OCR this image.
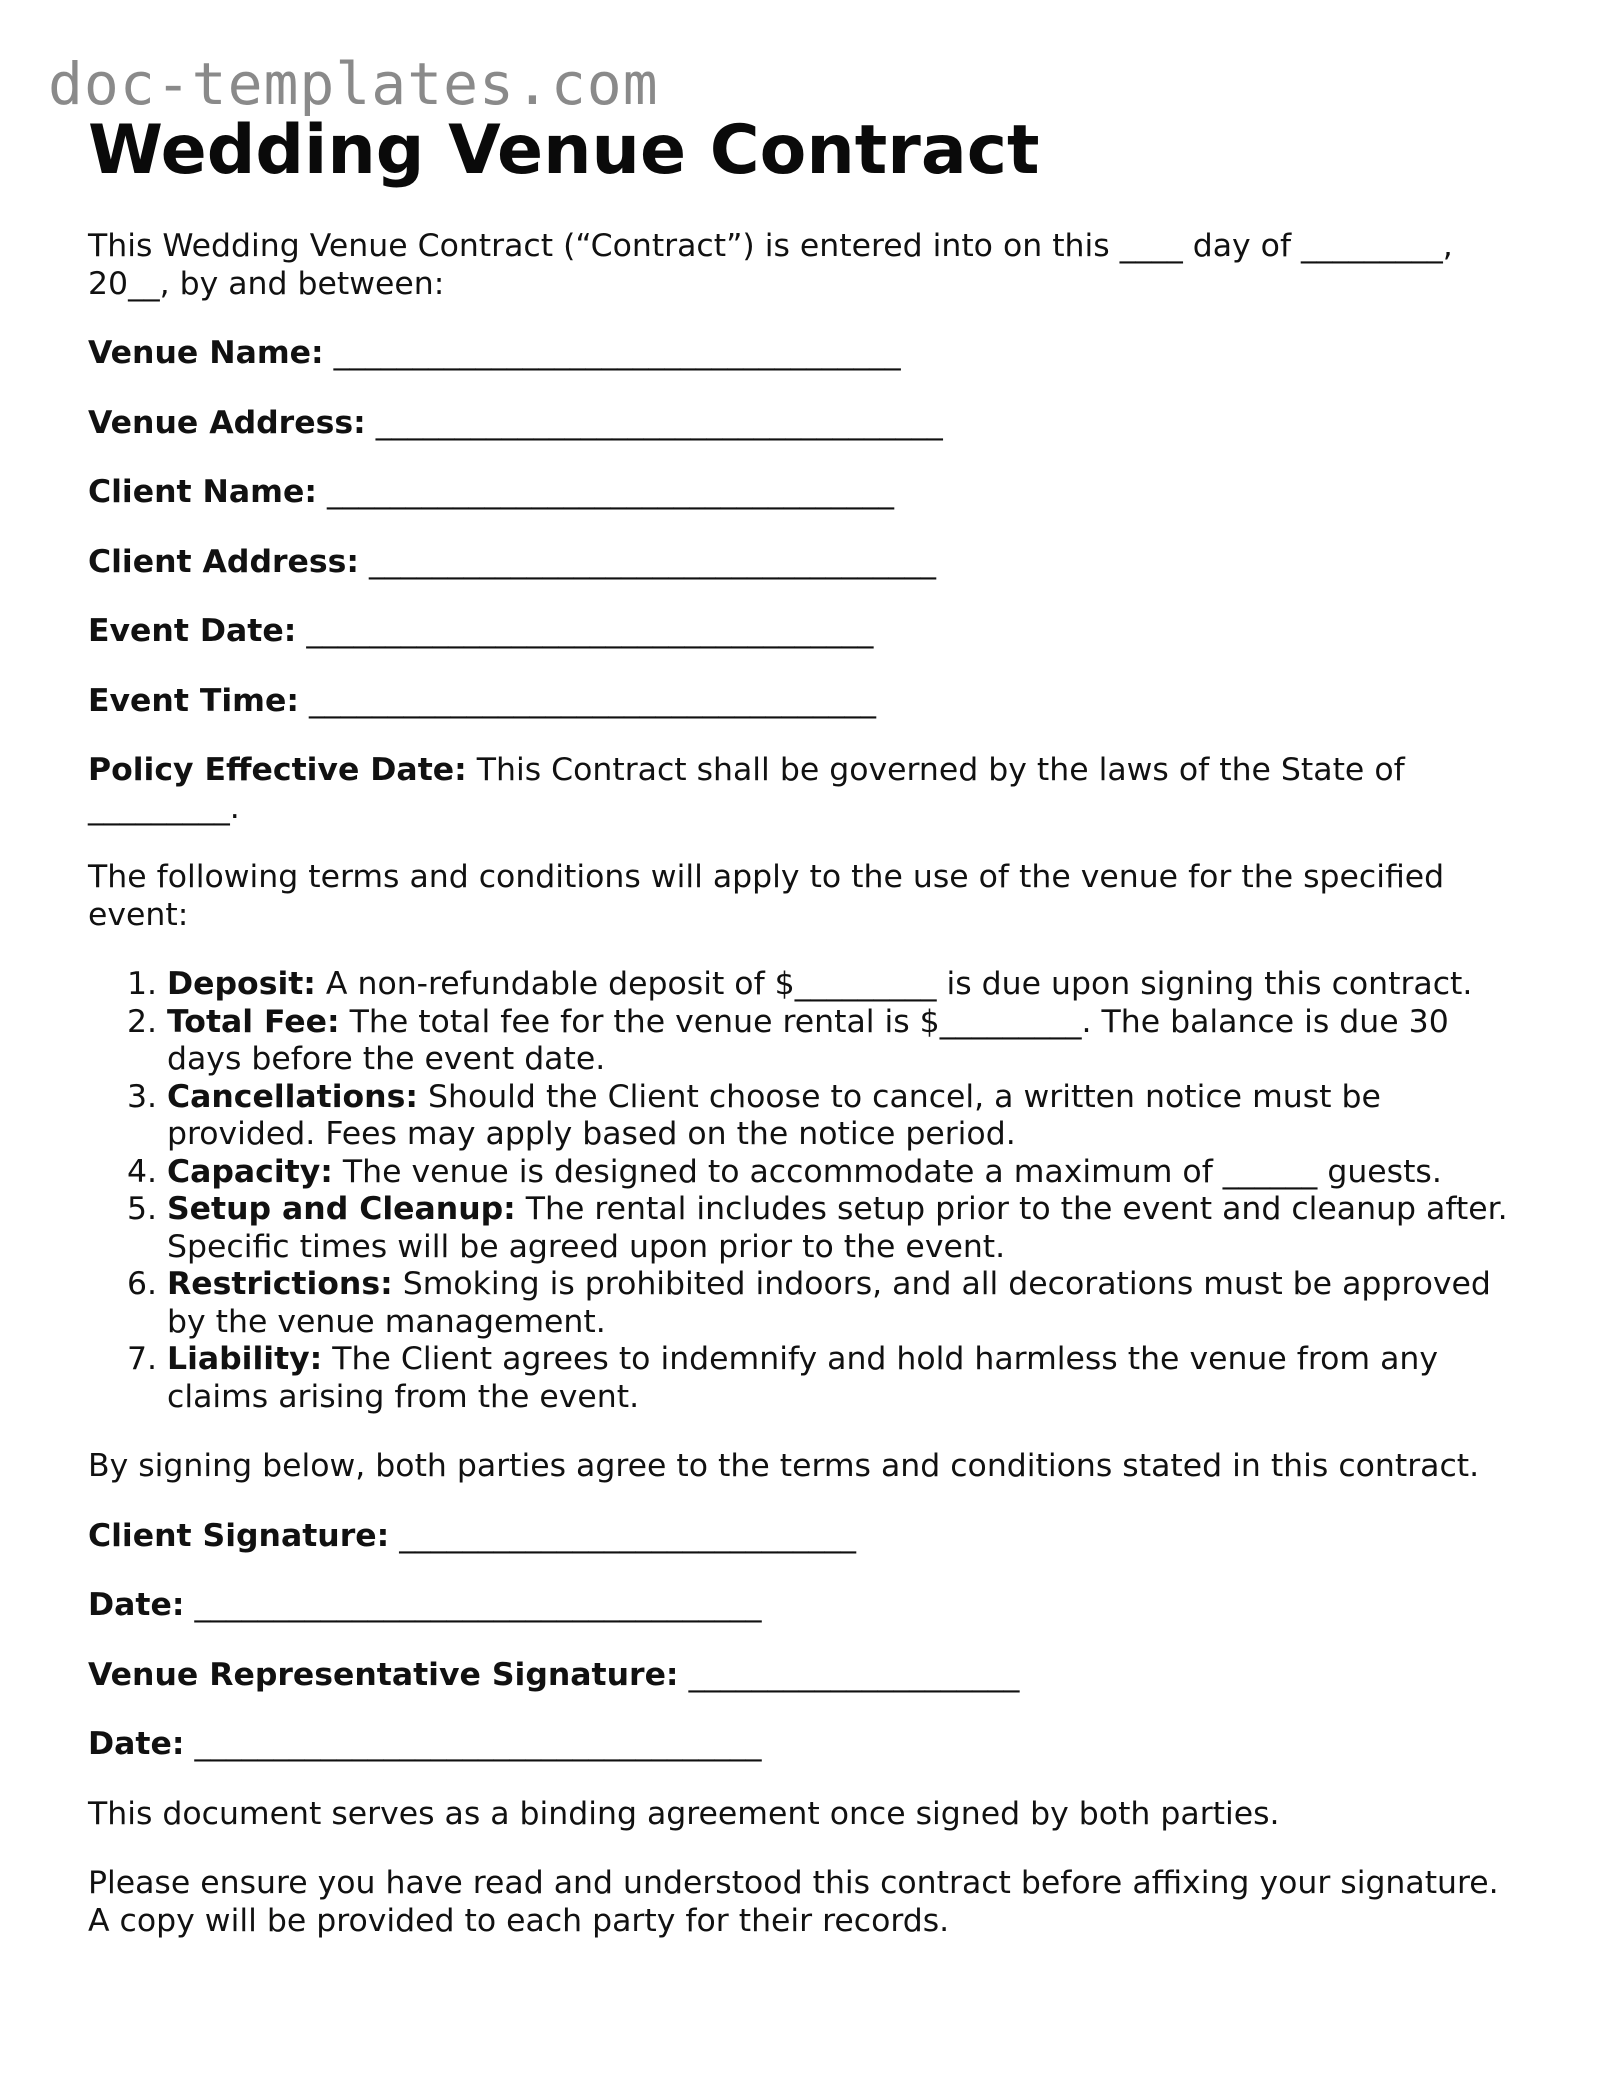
doc-templates.com
Wedding Venue Contract

This Wedding Venue Contract (“Contract”) is entered into on this ____ day of _________, 20__, by and between:

Venue Name: ____________________________________
Venue Address: ____________________________________
Client Name: ____________________________________
Client Address: ____________________________________
Event Date: ____________________________________
Event Time: ____________________________________

Policy Effective Date: This Contract shall be governed by the laws of the State of _________.

The following terms and conditions will apply to the use of the venue for the specified event:

1. Deposit: A non-refundable deposit of $_________ is due upon signing this contract.
2. Total Fee: The total fee for the venue rental is $_________. The balance is due 30 days before the event date.
3. Cancellations: Should the Client choose to cancel, a written notice must be provided. Fees may apply based on the notice period.
4. Capacity: The venue is designed to accommodate a maximum of ______ guests.
5. Setup and Cleanup: The rental includes setup prior to the event and cleanup after. Specific times will be agreed upon prior to the event.
6. Restrictions: Smoking is prohibited indoors, and all decorations must be approved by the venue management.
7. Liability: The Client agrees to indemnify and hold harmless the venue from any claims arising from the event.

By signing below, both parties agree to the terms and conditions stated in this contract.

Client Signature: _____________________________
Date: ____________________________________
Venue Representative Signature: _____________________
Date: ____________________________________

This document serves as a binding agreement once signed by both parties.

Please ensure you have read and understood this contract before affixing your signature. A copy will be provided to each party for their records.
